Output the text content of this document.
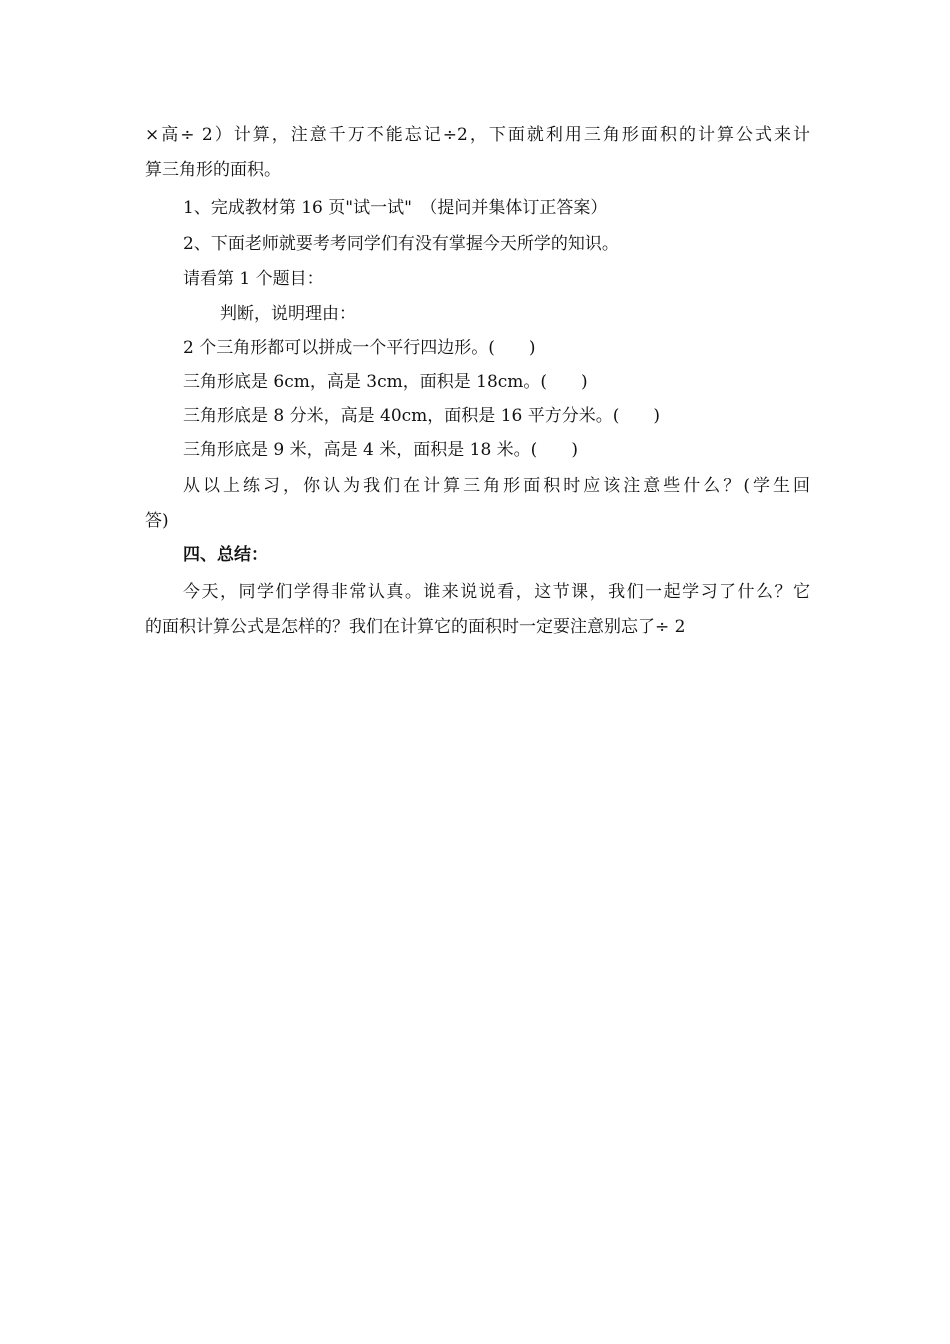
×高÷ 2）计算，注意千万不能忘记÷2，下面就利用三角形面积的计算公式来计
算三角形的面积。
1、完成教材第 16 页"试一试"　（提问并集体订正答案）
2、下面老师就要考考同学们有没有掌握今天所学的知识。
请看第 1 个题目：
判断，说明理由：
2 个三角形都可以拼成一个平行四边形。(　　)
三角形底是 6cm，高是 3cm，面积是 18cm。(　　)
三角形底是 8 分米，高是 40cm，面积是 16 平方分米。(　　)
三角形底是 9 米，高是 4 米，面积是 18 米。(　　)
从以上练习，你认为我们在计算三角形面积时应该注意些什么？(学生回
答)
四、总结：
今天，同学们学得非常认真。谁来说说看，这节课，我们一起学习了什么？它
的面积计算公式是怎样的？我们在计算它的面积时一定要注意别忘了÷ 2
